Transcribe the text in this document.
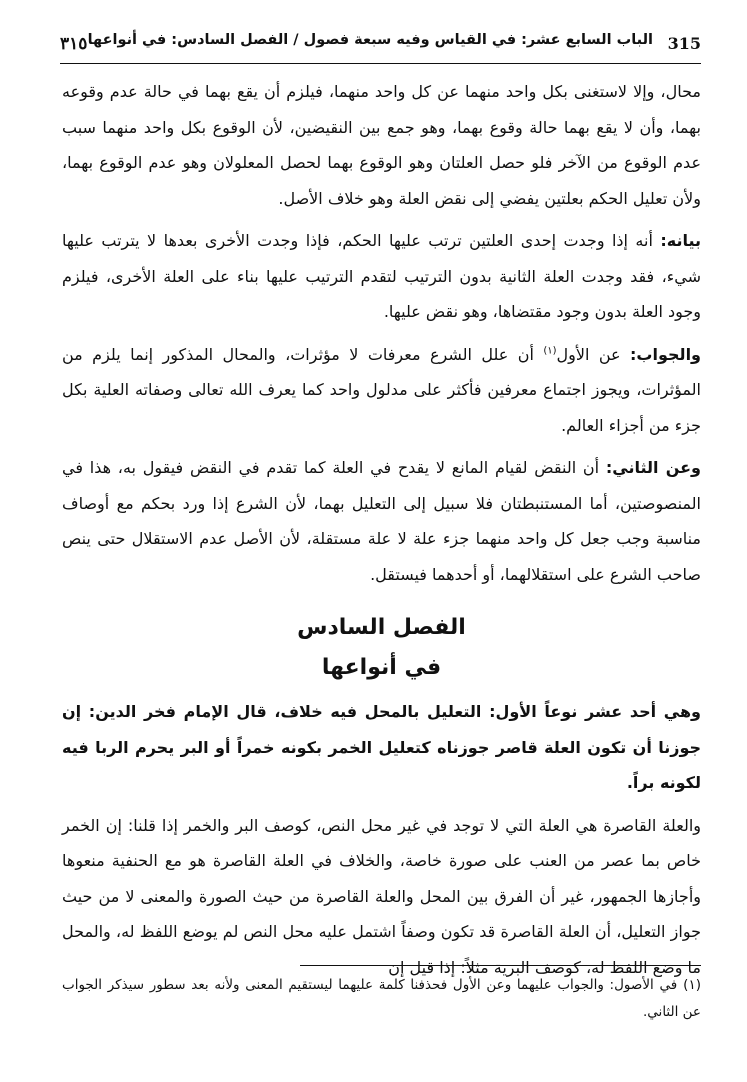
٣١٥ الباب السابع عشر: في القياس وفيه سبعة فصول / الفصل السادس: في أنواعها 315

محال، وإلا لاستغنى بكل واحد منهما عن كل واحد منهما، فيلزم أن يقع بهما في حالة عدم وقوعه بهما، وأن لا يقع بهما حالة وقوع بهما، وهو جمع بين النقيضين، لأن الوقوع بكل واحد منهما سبب عدم الوقوع من الآخر فلو حصل العلتان وهو الوقوع بهما لحصل المعلولان وهو عدم الوقوع بهما، ولأن تعليل الحكم بعلتين يفضي إلى نقض العلة وهو خلاف الأصل.

بيانه: أنه إذا وجدت إحدى العلتين ترتب عليها الحكم، فإذا وجدت الأخرى بعدها لا يترتب عليها شيء، فقد وجدت العلة الثانية بدون الترتيب لتقدم الترتيب عليها بناء على العلة الأخرى، فيلزم وجود العلة بدون وجود مقتضاها، وهو نقض عليها.

والجواب: عن الأول$^{(١)}$ أن علل الشرع معرفات لا مؤثرات، والمحال المذكور إنما يلزم من المؤثرات، ويجوز اجتماع معرفين فأكثر على مدلول واحد كما يعرف الله تعالى وصفاته العلية بكل جزء من أجزاء العالم.

وعن الثاني: أن النقض لقيام المانع لا يقدح في العلة كما تقدم في النقض فيقول به، هذا في المنصوصتين، أما المستنبطتان فلا سبيل إلى التعليل بهما، لأن الشرع إذا ورد بحكم مع أوصاف مناسبة وجب جعل كل واحد منهما جزء علة لا علة مستقلة، لأن الأصل عدم الاستقلال حتى ينص صاحب الشرع على استقلالهما، أو أحدهما فيستقل.

الفصل السادس
في أنواعها

وهي أحد عشر نوعاً الأول: التعليل بالمحل فيه خلاف، قال الإمام فخر الدين: إن جوزنا أن تكون العلة قاصر جوزناه كتعليل الخمر بكونه خمراً أو البر يحرم الربا فيه لكونه براً.

والعلة القاصرة هي العلة التي لا توجد في غير محل النص، كوصف البر والخمر إذا قلنا: إن الخمر خاص بما عصر من العنب على صورة خاصة، والخلاف في العلة القاصرة هو مع الحنفية منعوها وأجازها الجمهور، غير أن الفرق بين المحل والعلة القاصرة من حيث الصورة والمعنى لا من حيث جواز التعليل، أن العلة القاصرة قد تكون وصفاً اشتمل عليه محل النص لم يوضع اللفظ له، والمحل ما وضع اللفظ له، كوصف البرية مثلاً: إذا قيل إن

(١)في الأصول: والجواب عليهما وعن الأول فحذفنا كلمة عليهما ليستقيم المعنى ولأنه بعد سطور سيذكر الجواب عن الثاني.
